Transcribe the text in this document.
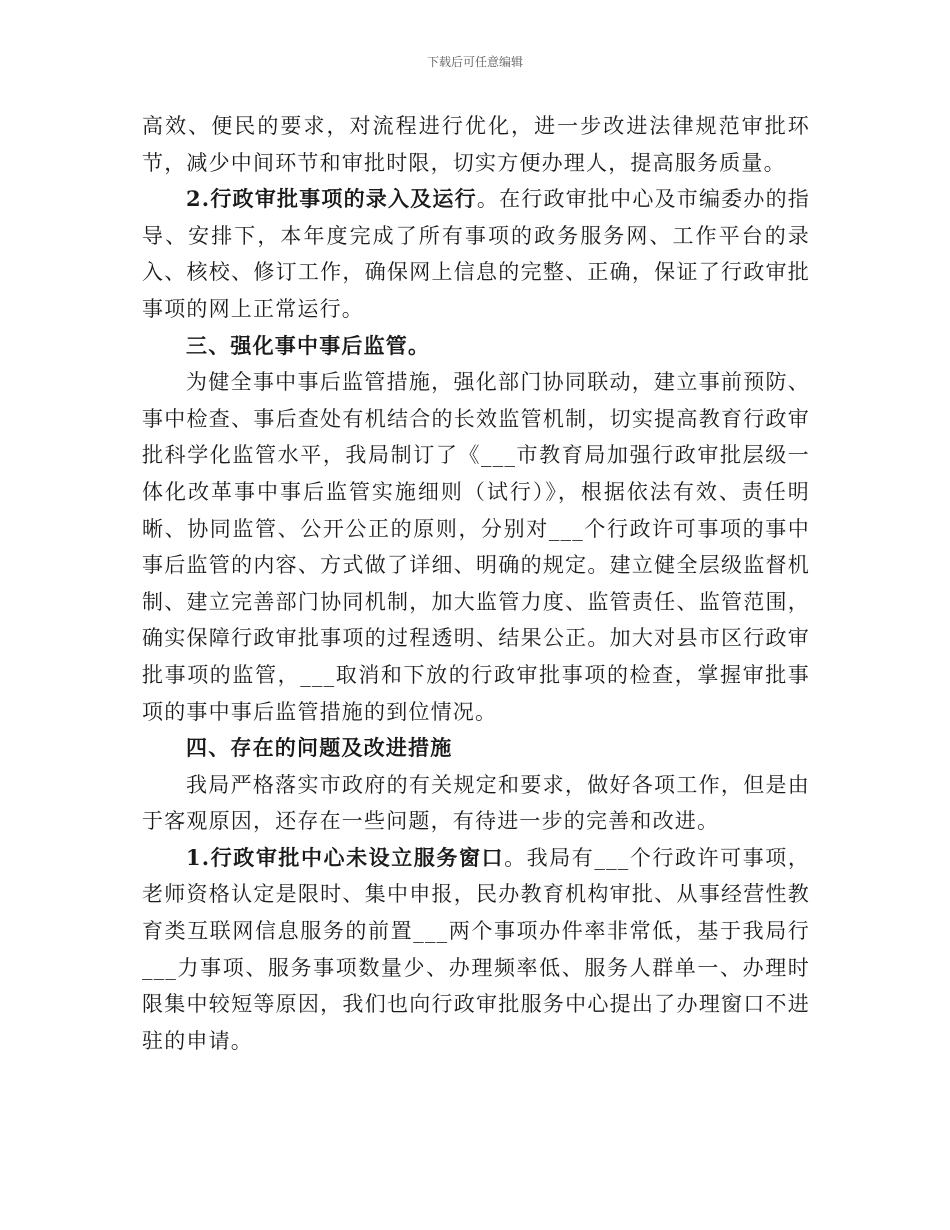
下载后可任意编辑

高效、便民的要求，对流程进行优化，进一步改进法律规范审批环节，减少中间环节和审批时限，切实方便办理人，提高服务质量。

2.行政审批事项的录入及运行。在行政审批中心及市编委办的指导、安排下，本年度完成了所有事项的政务服务网、工作平台的录入、核校、修订工作，确保网上信息的完整、正确，保证了行政审批事项的网上正常运行。

三、强化事中事后监管。

为健全事中事后监管措施，强化部门协同联动，建立事前预防、事中检查、事后查处有机结合的长效监管机制，切实提高教育行政审批科学化监管水平，我局制订了《___市教育局加强行政审批层级一体化改革事中事后监管实施细则（试行）》，根据依法有效、责任明晰、协同监管、公开公正的原则，分别对___个行政许可事项的事中事后监管的内容、方式做了详细、明确的规定。建立健全层级监督机制、建立完善部门协同机制，加大监管力度、监管责任、监管范围，确实保障行政审批事项的过程透明、结果公正。加大对县市区行政审批事项的监管，___取消和下放的行政审批事项的检查，掌握审批事项的事中事后监管措施的到位情况。

四、存在的问题及改进措施

我局严格落实市政府的有关规定和要求，做好各项工作，但是由于客观原因，还存在一些问题，有待进一步的完善和改进。

1.行政审批中心未设立服务窗口。我局有___个行政许可事项，老师资格认定是限时、集中申报，民办教育机构审批、从事经营性教育类互联网信息服务的前置___两个事项办件率非常低，基于我局行___力事项、服务事项数量少、办理频率低、服务人群单一、办理时限集中较短等原因，我们也向行政审批服务中心提出了办理窗口不进驻的申请。
